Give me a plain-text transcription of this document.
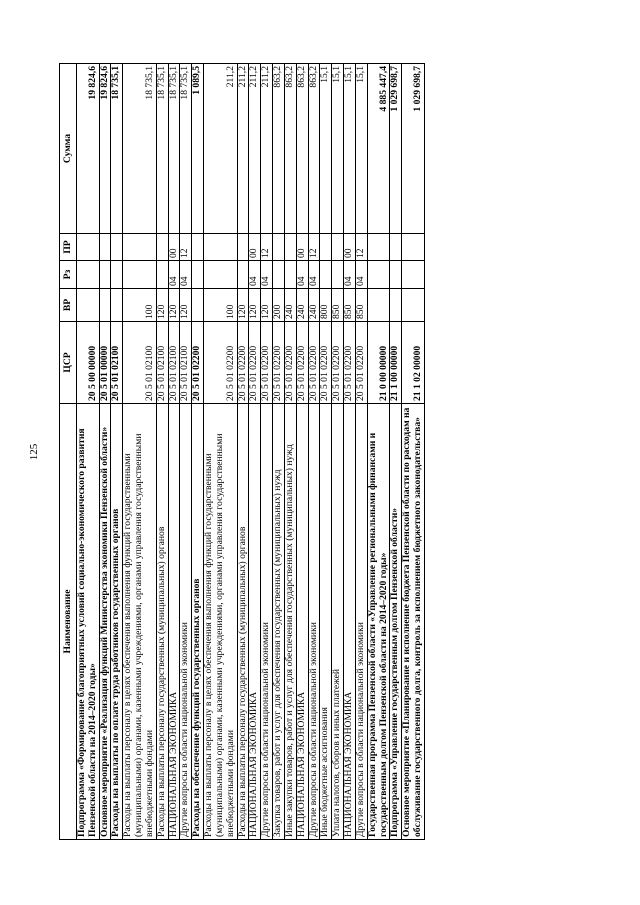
125
Наименование	ЦСР	ВР	Рз	ПР	Сумма
Подпрограмма «Формирование благоприятных условий социально-экономического развития Пензенской области на 2014–2020 годы»	20 5 00 00000				19 824,6
Основное мероприятие «Реализация функций Министерства экономики Пензенской области»	20 5 01 00000				19 824,6
Расходы на выплаты по оплате труда работников государственных органов	20 5 01 02100				18 735,1
Расходы на выплаты персоналу в целях обеспечения выполнения функций государственными (муниципальными) органами, казенными учреждениями, органами управления государственными внебюджетными фондами	20 5 01 02100	100			18 735,1
Расходы на выплаты персоналу государственных (муниципальных) органов	20 5 01 02100	120			18 735,1
НАЦИОНАЛЬНАЯ ЭКОНОМИКА	20 5 01 02100	120	04	00	18 735,1
Другие вопросы в области национальной экономики	20 5 01 02100	120	04	12	18 735,1
Расходы на обеспечение функций государственных органов	20 5 01 02200				1 089,5
Расходы на выплаты персоналу в целях обеспечения выполнения функций государственными (муниципальными) органами, казенными учреждениями, органами управления государственными внебюджетными фондами	20 5 01 02200	100			211,2
Расходы на выплаты персоналу государственных (муниципальных) органов	20 5 01 02200	120			211,2
НАЦИОНАЛЬНАЯ ЭКОНОМИКА	20 5 01 02200	120	04	00	211,2
Другие вопросы в области национальной экономики	20 5 01 02200	120	04	12	211,2
Закупка товаров, работ и услуг для обеспечения государственных (муниципальных) нужд	20 5 01 02200	200			863,2
Иные закупки товаров, работ и услуг для обеспечения государственных (муниципальных) нужд	20 5 01 02200	240			863,2
НАЦИОНАЛЬНАЯ ЭКОНОМИКА	20 5 01 02200	240	04	00	863,2
Другие вопросы в области национальной экономики	20 5 01 02200	240	04	12	863,2
Иные бюджетные ассигнования	20 5 01 02200	800			15,1
Уплата налогов, сборов и иных платежей	20 5 01 02200	850			15,1
НАЦИОНАЛЬНАЯ ЭКОНОМИКА	20 5 01 02200	850	04	00	15,1
Другие вопросы в области национальной экономики	20 5 01 02200	850	04	12	15,1
Государственная программа Пензенской области «Управление региональными финансами и государственным долгом Пензенской области на 2014–2020 годы»	21 0 00 00000				4 885 447,4
Подпрограмма «Управление государственным долгом Пензенской области»	21 1 00 00000				1 029 698,7
Основное мероприятие «Планирование и исполнение бюджета Пензенской области по расходам на обслуживание государственного долга, контроль за исполнением бюджетного законодательства»	21 1 02 00000				1 029 698,7
